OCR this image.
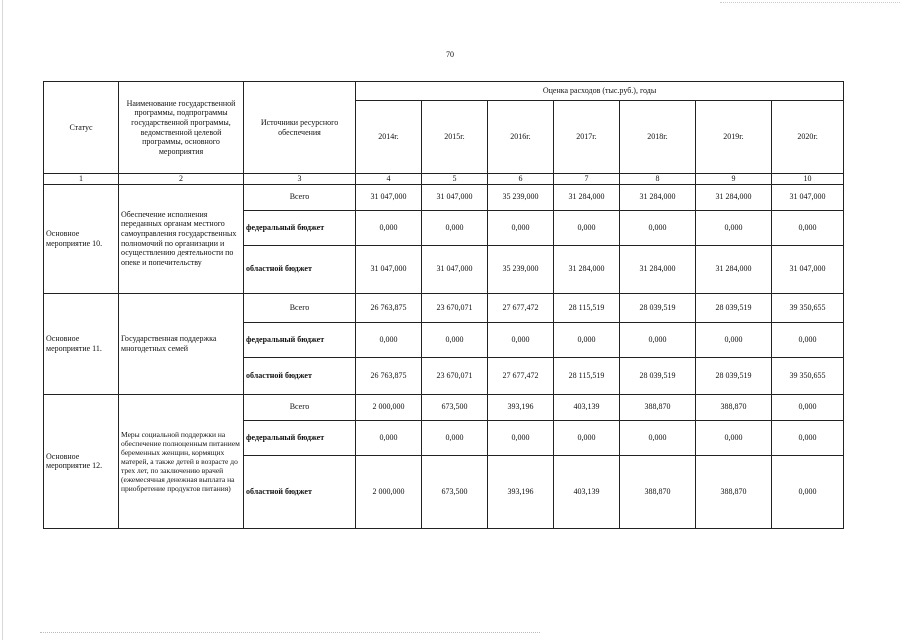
70
Статус	Наименование государственной программы, подпрограммы государственной программы, ведомственной целевой программы, основного мероприятия	Источники ресурсного обеспечения	Оценка расходов (тыс.руб.), годы						
			2014г.	2015г.	2016г.	2017г.	2018г.	2019г.	2020г.
1	2	3	4	5	6	7	8	9	10
Основное мероприятие 10.	Обеспечение исполнения переданных органам местного самоуправления государственных полномочий по организации и осуществлению деятельности по опеке и попечительству	Всего	31 047,000	31 047,000	35 239,000	31 284,000	31 284,000	31 284,000	31 047,000
		федеральный бюджет	0,000	0,000	0,000	0,000	0,000	0,000	0,000
		областной бюджет	31 047,000	31 047,000	35 239,000	31 284,000	31 284,000	31 284,000	31 047,000
Основное мероприятие 11.	Государственная поддержка многодетных семей	Всего	26 763,875	23 670,071	27 677,472	28 115,519	28 039,519	28 039,519	39 350,655
		федеральный бюджет	0,000	0,000	0,000	0,000	0,000	0,000	0,000
		областной бюджет	26 763,875	23 670,071	27 677,472	28 115,519	28 039,519	28 039,519	39 350,655
Основное мероприятие 12.	Меры социальной поддержки на обеспечение полноценным питанием беременных женщин, кормящих матерей, а также детей в возрасте до трех лет, по заключению врачей (ежемесячная денежная выплата на приобретение продуктов питания)	Всего	2 000,000	673,500	393,196	403,139	388,870	388,870	0,000
		федеральный бюджет	0,000	0,000	0,000	0,000	0,000	0,000	0,000
		областной бюджет	2 000,000	673,500	393,196	403,139	388,870	388,870	0,000
